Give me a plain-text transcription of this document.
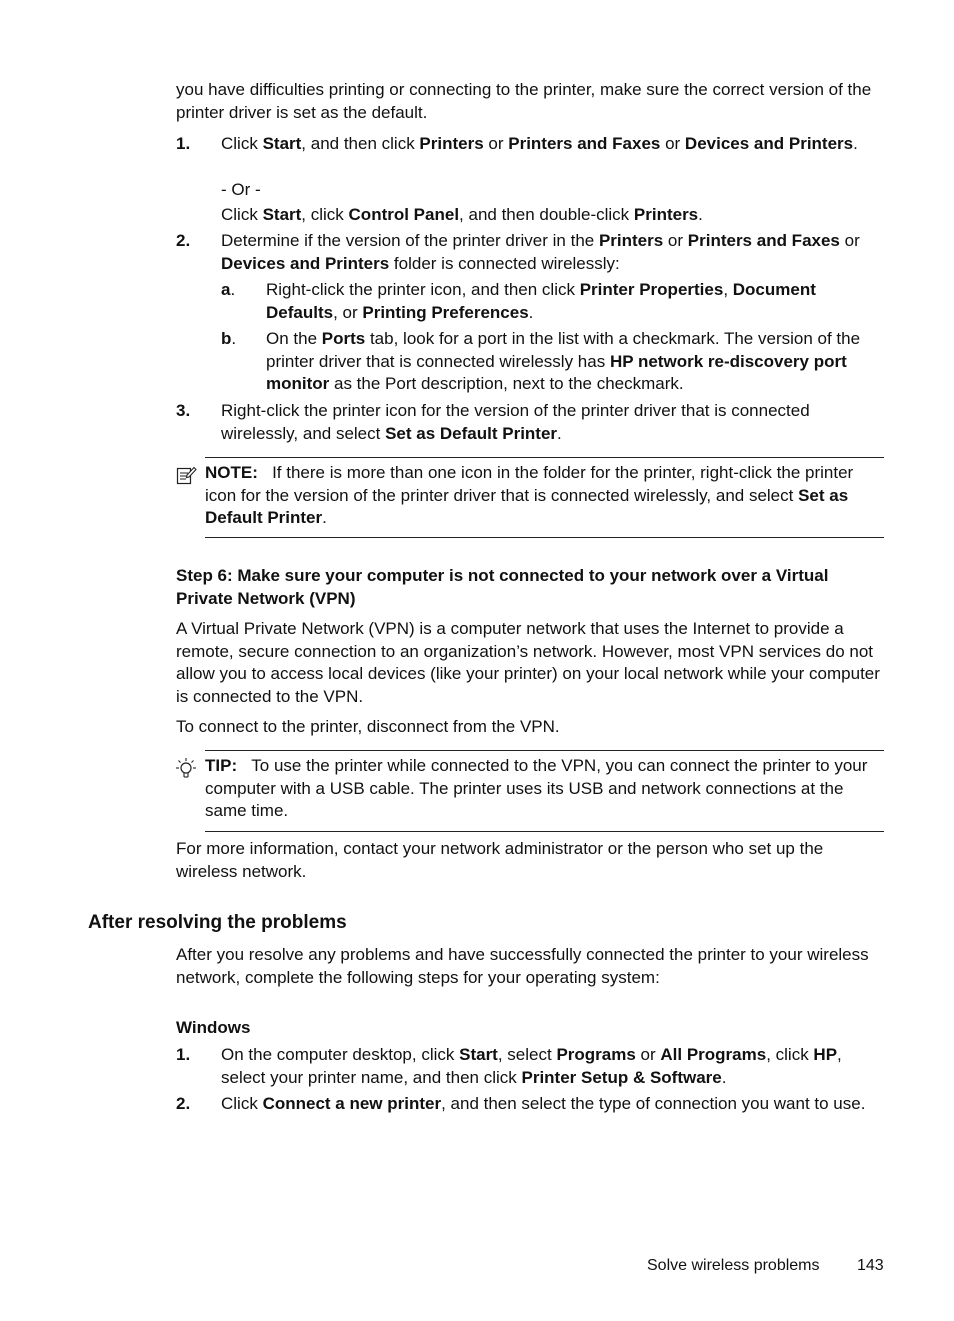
you have difficulties printing or connecting to the printer, make sure the correct version of the printer driver is set as the default.

1. Click Start, and then click Printers or Printers and Faxes or Devices and Printers.

- Or -

Click Start, click Control Panel, and then double-click Printers.

2. Determine if the version of the printer driver in the Printers or Printers and Faxes or Devices and Printers folder is connected wirelessly:

a. Right-click the printer icon, and then click Printer Properties, Document Defaults, or Printing Preferences.

b. On the Ports tab, look for a port in the list with a checkmark. The version of the printer driver that is connected wirelessly has HP network re-discovery port monitor as the Port description, next to the checkmark.

3. Right-click the printer icon for the version of the printer driver that is connected wirelessly, and select Set as Default Printer.

NOTE: If there is more than one icon in the folder for the printer, right-click the printer icon for the version of the printer driver that is connected wirelessly, and select Set as Default Printer.

Step 6: Make sure your computer is not connected to your network over a Virtual Private Network (VPN)

A Virtual Private Network (VPN) is a computer network that uses the Internet to provide a remote, secure connection to an organization’s network. However, most VPN services do not allow you to access local devices (like your printer) on your local network while your computer is connected to the VPN.

To connect to the printer, disconnect from the VPN.

TIP: To use the printer while connected to the VPN, you can connect the printer to your computer with a USB cable. The printer uses its USB and network connections at the same time.

For more information, contact your network administrator or the person who set up the wireless network.

After resolving the problems

After you resolve any problems and have successfully connected the printer to your wireless network, complete the following steps for your operating system:

Windows

1. On the computer desktop, click Start, select Programs or All Programs, click HP, select your printer name, and then click Printer Setup & Software.

2. Click Connect a new printer, and then select the type of connection you want to use.

Solve wireless problems 143
